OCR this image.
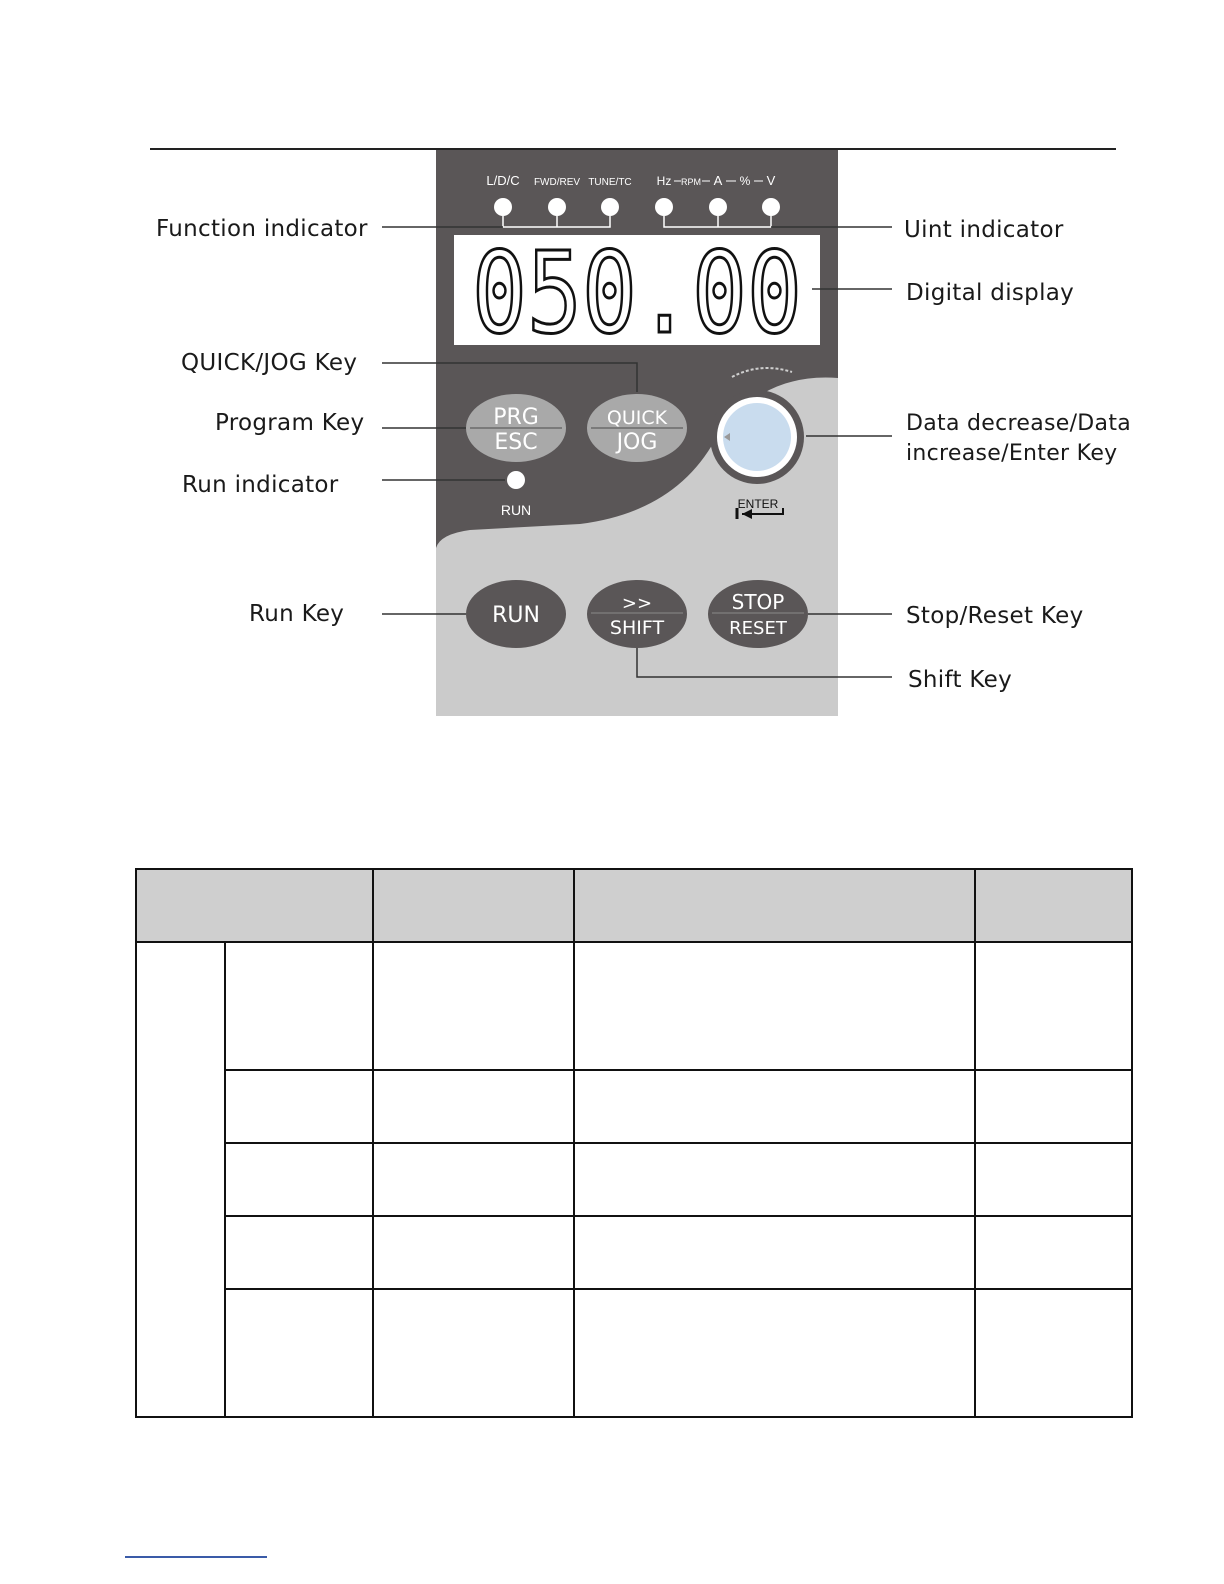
L/D/C FWD/REV TUNE/TC Hz RPM A % V
050.00
PRG
ESC
QUICK
JOG
ENTER
RUN
RUN	>>
SHIFT
STOP
RESET
Function indicator
QUICK/JOG Key
Program Key
Run indicator
Run Key
Uint indicator
Digital display
Data decrease/Data
increase/Enter Key
Stop/Reset Key
Shift Key
